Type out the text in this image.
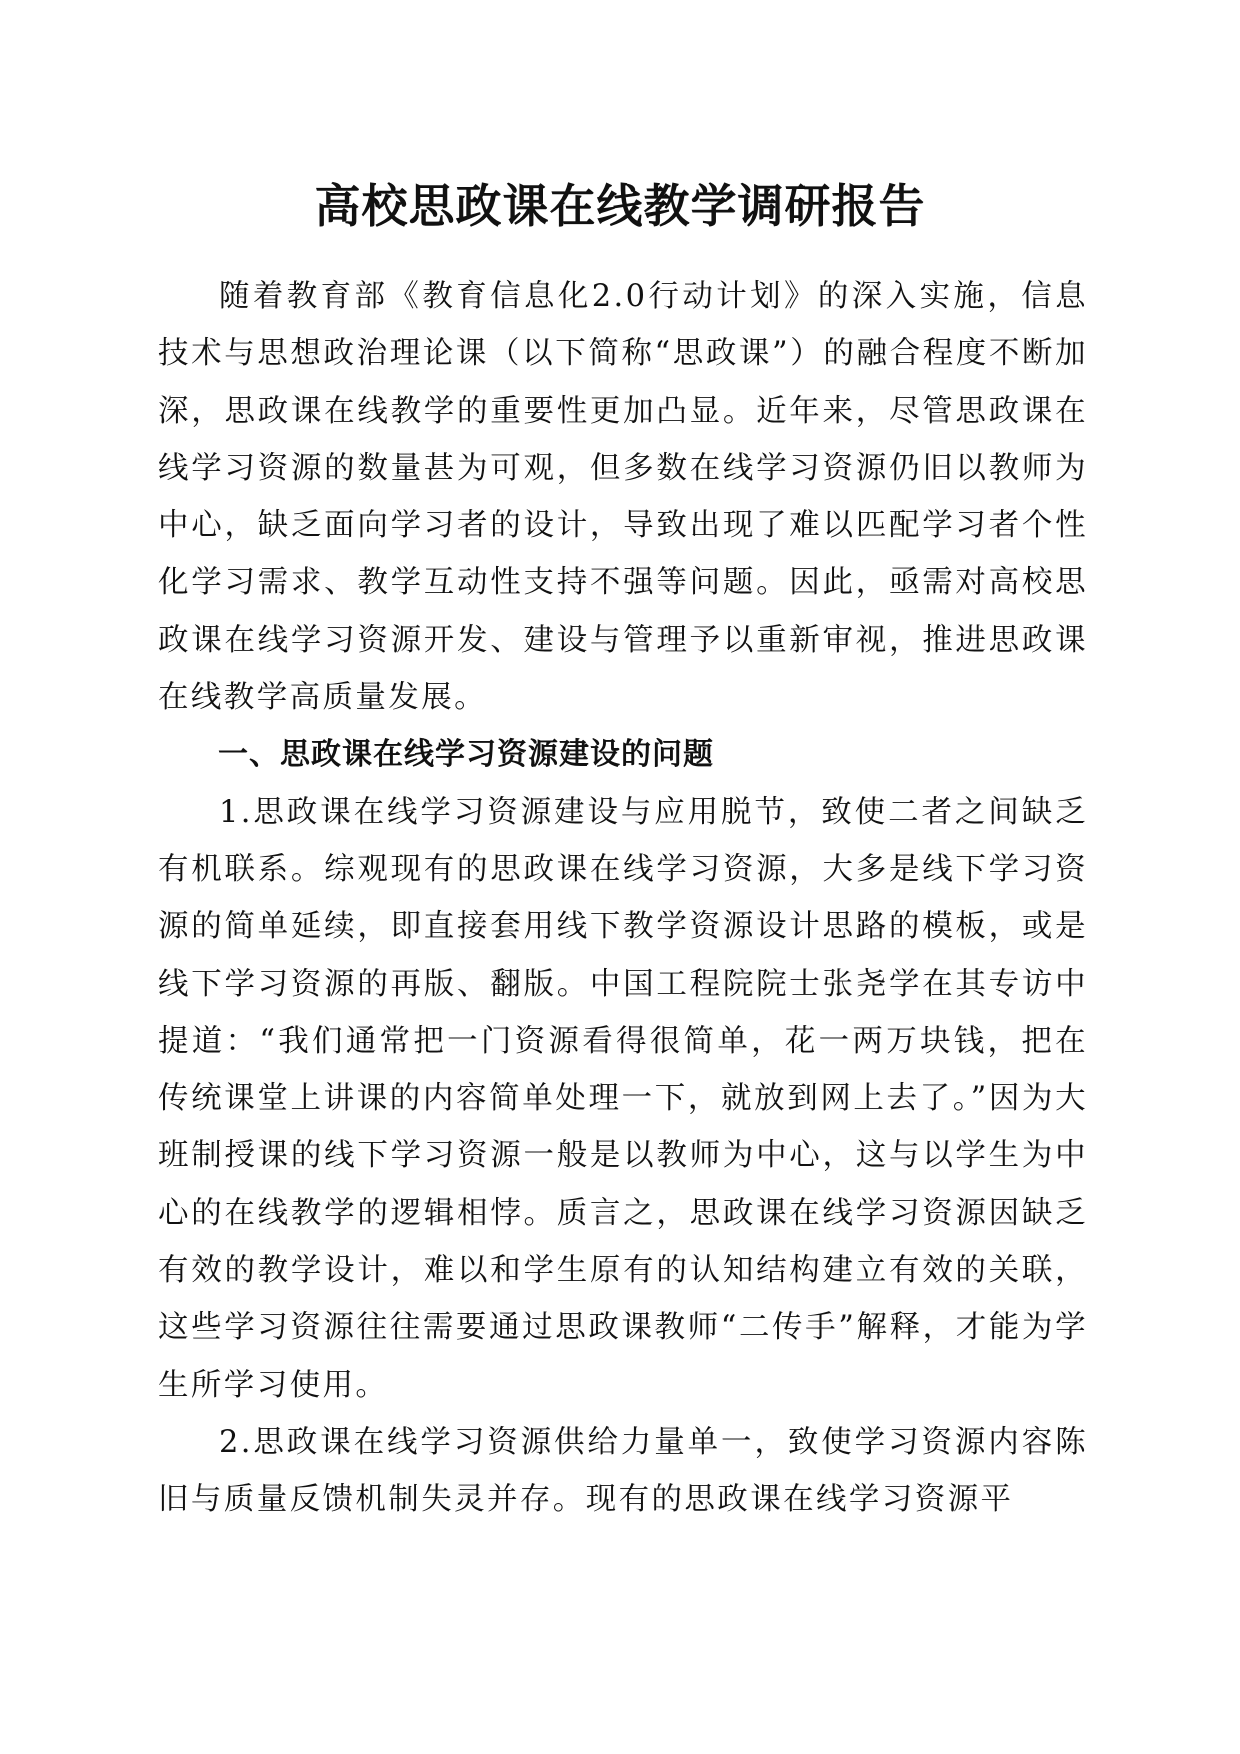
高校思政课在线教学调研报告

随着教育部《教育信息化2.0行动计划》的深入实施，信息技术与思想政治理论课（以下简称“思政课”）的融合程度不断加深，思政课在线教学的重要性更加凸显。近年来，尽管思政课在线学习资源的数量甚为可观，但多数在线学习资源仍旧以教师为中心，缺乏面向学习者的设计，导致出现了难以匹配学习者个性化学习需求、教学互动性支持不强等问题。因此，亟需对高校思政课在线学习资源开发、建设与管理予以重新审视，推进思政课在线教学高质量发展。

一、思政课在线学习资源建设的问题

1.思政课在线学习资源建设与应用脱节，致使二者之间缺乏有机联系。综观现有的思政课在线学习资源，大多是线下学习资源的简单延续，即直接套用线下教学资源设计思路的模板，或是线下学习资源的再版、翻版。中国工程院院士张尧学在其专访中提道：“我们通常把一门资源看得很简单，花一两万块钱，把在传统课堂上讲课的内容简单处理一下，就放到网上去了。”因为大班制授课的线下学习资源一般是以教师为中心，这与以学生为中心的在线教学的逻辑相悖。质言之，思政课在线学习资源因缺乏有效的教学设计，难以和学生原有的认知结构建立有效的关联，这些学习资源往往需要通过思政课教师“二传手”解释，才能为学生所学习使用。

2.思政课在线学习资源供给力量单一，致使学习资源内容陈旧与质量反馈机制失灵并存。现有的思政课在线学习资源平
